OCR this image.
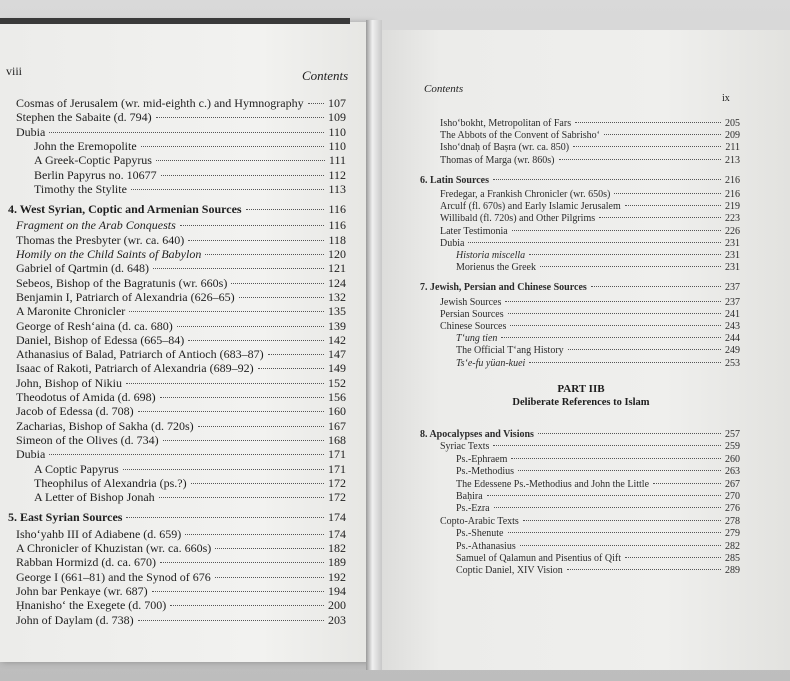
viii	Contents
Contents
ix
Cosmas of Jerusalem (wr. mid-eighth c.) and Hymnography 107
Stephen the Sabaite (d. 794)	109
Dubia	110
John the Eremopolite	110
A Greek-Coptic Papyrus	111
Berlin Papyrus no. 10677	112
Timothy the Stylite	113
4. West Syrian, Coptic and Armenian Sources	116
Fragment on the Arab Conquests	116
Thomas the Presbyter (wr. ca. 640)	118
Homily on the Child Saints of Babylon	120
Gabriel of Qartmin (d. 648)	121
Sebeos, Bishop of the Bagratunis (wr. 660s)	124
Benjamin I, Patriarch of Alexandria (626–65)	132
A Maronite Chronicler	135
George of Resh‘aina (d. ca. 680)	139
Daniel, Bishop of Edessa (665–84)	142
Athanasius of Balad, Patriarch of Antioch (683–87)	147
Isaac of Rakoti, Patriarch of Alexandria (689–92)	149
John, Bishop of Nikiu	152
Theodotus of Amida (d. 698)	156
Jacob of Edessa (d. 708)	160
Zacharias, Bishop of Sakha (d. 720s)	167
Simeon of the Olives (d. 734)	168
Dubia	171
A Coptic Papyrus	171
Theophilus of Alexandria (ps.?)	172
A Letter of Bishop Jonah	172
5. East Syrian Sources	174
Isho‘yahb III of Adiabene (d. 659)	174
A Chronicler of Khuzistan (wr. ca. 660s)	182
Rabban Hormizd (d. ca. 670)	189
George I (661–81) and the Synod of 676	192
John bar Penkaye (wr. 687)	194
Ḥnanisho‘ the Exegete (d. 700)	200
John of Daylam (d. 738)	203
Isho‘bokht, Metropolitan of Fars	205
The Abbots of the Convent of Sabrisho‘	209
Isho‘dnaḥ of Baṣra (wr. ca. 850)	211
Thomas of Marga (wr. 860s)	213
6. Latin Sources	216
Fredegar, a Frankish Chronicler (wr. 650s)	216
Arculf (fl. 670s) and Early Islamic Jerusalem	219
Willibald (fl. 720s) and Other Pilgrims	223
Later Testimonia	226
Dubia	231
Historia miscella	231
Morienus the Greek	231
7. Jewish, Persian and Chinese Sources	237
Jewish Sources	237
Persian Sources	241
Chinese Sources	243
T‘ung tien	244
The Official T‘ang History	249
Ts‘e-fu yüan-kuei	253
PART IIB
Deliberate References to Islam
8. Apocalypses and Visions	257
Syriac Texts	259
Ps.-Ephraem	260
Ps.-Methodius	263
The Edessene Ps.-Methodius and John the Little	267
Baḥira	270
Ps.-Ezra	276
Copto-Arabic Texts	278
Ps.-Shenute	279
Ps.-Athanasius	282
Samuel of Qalamun and Pisentius of Qift	285
Coptic Daniel, XIV Vision	289
